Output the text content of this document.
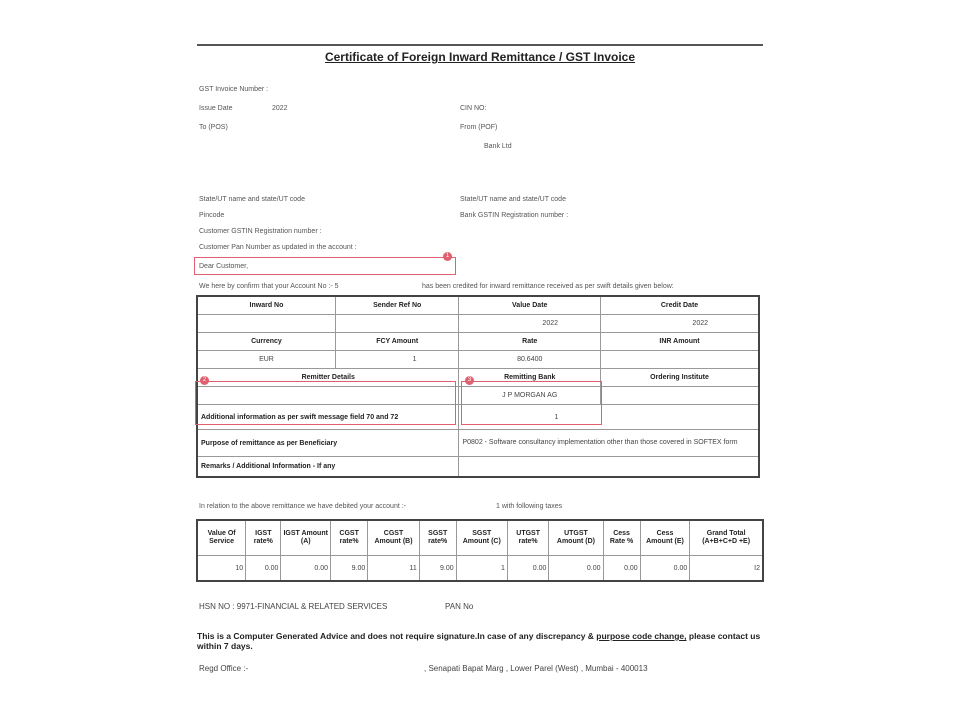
Certificate of Foreign Inward Remittance / GST Invoice
GST Invoice Number :
Issue Date	2022
To (POS)
CIN NO:
From (POF)
Bank Ltd
State/UT name and state/UT code
Pincode
Customer GSTIN Registration number :
Customer Pan Number as updated in the account :
State/UT name and state/UT code
Bank GSTIN Registration number :
1
Dear Customer,
We here by confirm that your Account No :- 5	has been credited for inward remittance received as per swift details given below:
Inward No	Sender Ref No	Value Date	Credit Date
		2022	2022
Currency	FCY Amount	Rate	INR Amount
EUR	1	80.6400	
Remitter Details		Remitting Bank	Ordering Institute
		J P MORGAN AG	
Additional information as per swift message field 70 and 72		1	
Purpose of remittance as per Beneficiary		P0802 - Software consultancy implementation other than those covered in SOFTEX form	
Remarks / Additional Information - If any			
2	3
In relation to the above remittance we have debited your account :-	1 with following taxes
Value Of Service	IGST rate%	IGST Amount (A)	CGST rate%	CGST Amount (B)	SGST rate%	SGST Amount (C)	UTGST rate%	UTGST Amount (D)	Cess Rate %	Cess Amount (E)	Grand Total (A+B+C+D +E)
10	0.00	0.00	9.00	11	9.00	1	0.00	0.00	0.00	0.00	I2
HSN NO : 9971-FINANCIAL & RELATED SERVICES	PAN No
This is a Computer Generated Advice and does not require signature.In case of any discrepancy & purpose code change, please contact us within 7 days.
Regd Office :-	, Senapati Bapat Marg , Lower Parel (West) , Mumbai - 400013
